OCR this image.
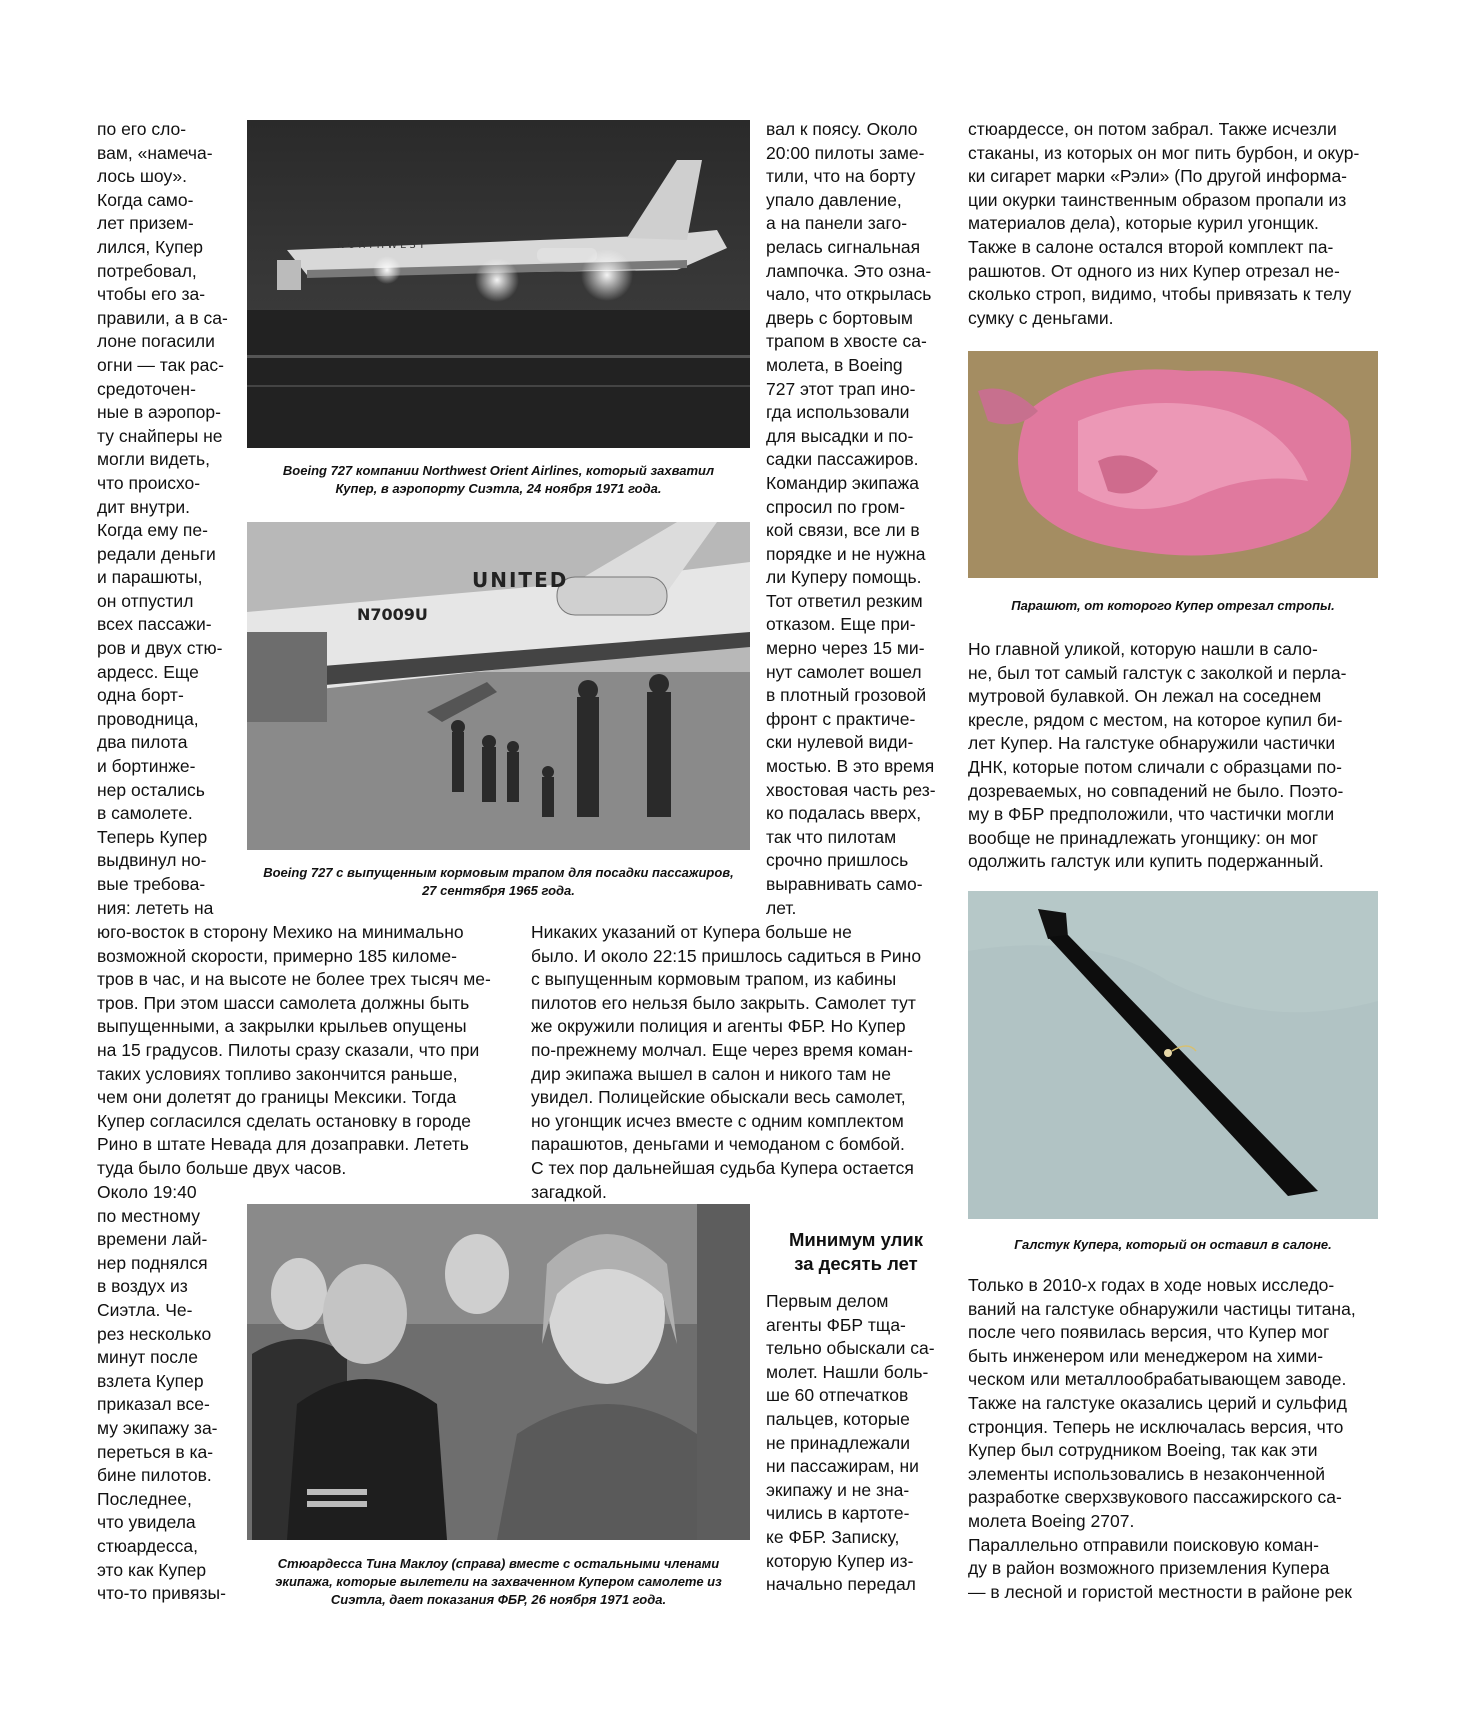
по его сло-
вам, «намеча-
лось шоу».
Когда само-
лет призем-
лился, Купер
потребовал,
чтобы его за-
правили, а в са-
лоне погасили
огни — так рас-
средоточен-
ные в аэропор-
ту снайперы не
могли видеть,
что происхо-
дит внутри.
Когда ему пе-
редали деньги
и парашюты,
он отпустил
всех пассажи-
ров и двух стю-
ардесс. Еще
одна борт-
проводница,
два пилота
и бортинже-
нер остались
в самолете.
Теперь Купер
выдвинул но-
вые требова-
ния: лететь на
юго-восток в сторону Мехико на минимально
возможной скорости, примерно 185 киломе-
тров в час, и на высоте не более трех тысяч ме-
тров. При этом шасси самолета должны быть
выпущенными, а закрылки крыльев опущены
на 15 градусов. Пилоты сразу сказали, что при
таких условиях топливо закончится раньше,
чем они долетят до границы Мексики. Тогда
Купер согласился сделать остановку в городе
Рино в штате Невада для дозаправки. Лететь
туда было больше двух часов.
Около 19:40
по местному
времени лай-
нер поднялся
в воздух из
Сиэтла. Че-
рез несколько
минут после
взлета Купер
приказал все-
му экипажу за-
переться в ка-
бине пилотов.
Последнее,
что увидела
стюардесса,
это как Купер
что-то привязы-
NORTHWEST
Boeing 727 компании Northwest Orient Airlines, который захватил
Купер, в аэропорту Сиэтла, 24 ноября 1971 года.
UNITED
N7009U
Boeing 727 с выпущенным кормовым трапом для посадки пассажиров,
27 сентября 1965 года.
вал к поясу. Около
20:00 пилоты заме-
тили, что на борту
упало давление,
а на панели заго-
релась сигнальная
лампочка. Это озна-
чало, что открылась
дверь с бортовым
трапом в хвосте са-
молета, в Boeing
727 этот трап ино-
гда использовали
для высадки и по-
садки пассажиров.
Командир экипажа
спросил по гром-
кой связи, все ли в
порядке и не нужна
ли Куперу помощь.
Тот ответил резким
отказом. Еще при-
мерно через 15 ми-
нут самолет вошел
в плотный грозовой
фронт с практиче-
ски нулевой види-
мостью. В это время
хвостовая часть рез-
ко подалась вверх,
так что пилотам
срочно пришлось
выравнивать само-
лет.
Никаких указаний от Купера больше не
было. И около 22:15 пришлось садиться в Рино
с выпущенным кормовым трапом, из кабины
пилотов его нельзя было закрыть. Самолет тут
же окружили полиция и агенты ФБР. Но Купер
по-прежнему молчал. Еще через время коман-
дир экипажа вышел в салон и никого там не
увидел. Полицейские обыскали весь самолет,
но угонщик исчез вместе с одним комплектом
парашютов, деньгами и чемоданом с бомбой.
С тех пор дальнейшая судьба Купера остается
загадкой.
Стюардесса Тина Маклоу (справа) вместе с остальными членами
экипажа, которые вылетели на захваченном Купером самолете из
Сиэтла, дает показания ФБР, 26 ноября 1971 года.
Минимум улик
за десять лет
Первым делом
агенты ФБР тща-
тельно обыскали са-
молет. Нашли боль-
ше 60 отпечатков
пальцев, которые
не принадлежали
ни пассажирам, ни
экипажу и не зна-
чились в картоте-
ке ФБР. Записку,
которую Купер из-
начально передал
стюардессе, он потом забрал. Также исчезли
стаканы, из которых он мог пить бурбон, и окур-
ки сигарет марки «Рэли» (По другой информа-
ции окурки таинственным образом пропали из
материалов дела), которые курил угонщик.
Также в салоне остался второй комплект па-
рашютов. От одного из них Купер отрезал не-
сколько строп, видимо, чтобы привязать к телу
сумку с деньгами.
Парашют, от которого Купер отрезал стропы.
Но главной уликой, которую нашли в сало-
не, был тот самый галстук с заколкой и перла-
мутровой булавкой. Он лежал на соседнем
кресле, рядом с местом, на которое купил би-
лет Купер. На галстуке обнаружили частички
ДНК, которые потом сличали с образцами по-
дозреваемых, но совпадений не было. Поэто-
му в ФБР предположили, что частички могли
вообще не принадлежать угонщику: он мог
одолжить галстук или купить подержанный.
Галстук Купера, который он оставил в салоне.
Только в 2010-х годах в ходе новых исследо-
ваний на галстуке обнаружили частицы титана,
после чего появилась версия, что Купер мог
быть инженером или менеджером на хими-
ческом или металлообрабатывающем заводе.
Также на галстуке оказались церий и сульфид
стронция. Теперь не исключалась версия, что
Купер был сотрудником Boeing, так как эти
элементы использовались в незаконченной
разработке сверхзвукового пассажирского са-
молета Boeing 2707.
Параллельно отправили поисковую коман-
ду в район возможного приземления Купера
— в лесной и гористой местности в районе рек
